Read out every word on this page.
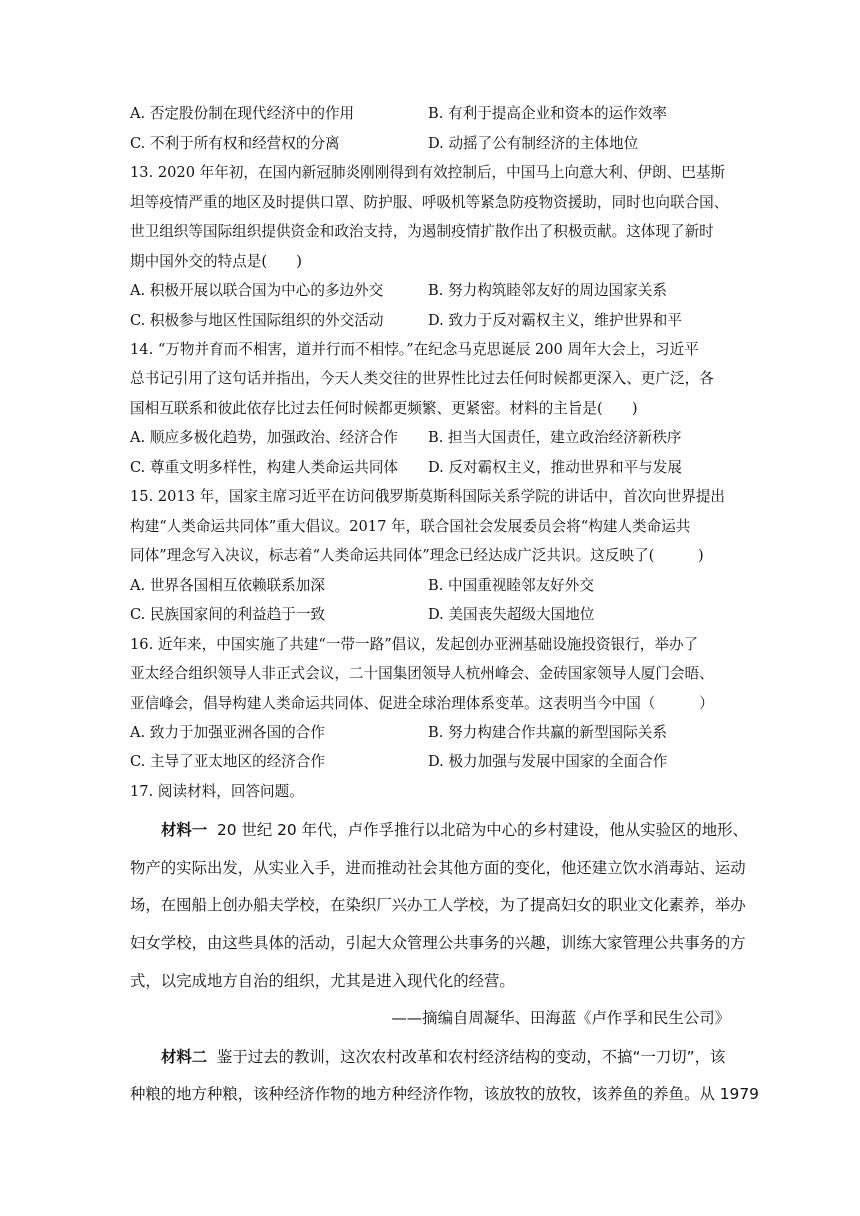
A. 否定股份制在现代经济中的作用	B. 有利于提高企业和资本的运作效率
C. 不利于所有权和经营权的分离	D. 动摇了公有制经济的主体地位
13. 2020 年年初，在国内新冠肺炎刚刚得到有效控制后，中国马上向意大利、伊朗、巴基斯
坦等疫情严重的地区及时提供口罩、防护服、呼吸机等紧急防疫物资援助，同时也向联合国、
世卫组织等国际组织提供资金和政治支持，为遏制疫情扩散作出了积极贡献。这体现了新时
期中国外交的特点是(　　)
A. 积极开展以联合国为中心的多边外交	B. 努力构筑睦邻友好的周边国家关系
C. 积极参与地区性国际组织的外交活动	D. 致力于反对霸权主义，维护世界和平
14. “万物并育而不相害，道并行而不相悖。”在纪念马克思诞辰 200 周年大会上，习近平
总书记引用了这句话并指出，今天人类交往的世界性比过去任何时候都更深入、更广泛，各
国相互联系和彼此依存比过去任何时候都更频繁、更紧密。材料的主旨是(　　)
A. 顺应多极化趋势，加强政治、经济合作 B. 担当大国责任，建立政治经济新秩序
C. 尊重文明多样性，构建人类命运共同体 D. 反对霸权主义，推动世界和平与发展
15. 2013 年，国家主席习近平在访问俄罗斯莫斯科国际关系学院的讲话中，首次向世界提出
构建“人类命运共同体”重大倡议。2017 年，联合国社会发展委员会将“构建人类命运共
同体”理念写入决议，标志着“人类命运共同体”理念已经达成广泛共识。这反映了(　　　)
A. 世界各国相互依赖联系加深	B. 中国重视睦邻友好外交
C. 民族国家间的利益趋于一致	D. 美国丧失超级大国地位
16. 近年来，中国实施了共建“一带一路”倡议，发起创办亚洲基础设施投资银行，举办了
亚太经合组织领导人非正式会议，二十国集团领导人杭州峰会、金砖国家领导人厦门会晤、
亚信峰会，倡导构建人类命运共同体、促进全球治理体系变革。这表明当今中国（　　　）
A. 致力于加强亚洲各国的合作	B. 努力构建合作共赢的新型国际关系
C. 主导了亚太地区的经济合作	D. 极力加强与发展中国家的全面合作
17. 阅读材料，回答问题。
材料一 20 世纪 20 年代，卢作孚推行以北碚为中心的乡村建设，他从实验区的地形、
物产的实际出发，从实业入手，进而推动社会其他方面的变化，他还建立饮水消毒站、运动
场，在囤船上创办船夫学校，在染织厂兴办工人学校，为了提高妇女的职业文化素养，举办
妇女学校，由这些具体的活动，引起大众管理公共事务的兴趣，训练大家管理公共事务的方
式，以完成地方自治的组织，尤其是进入现代化的经营。
——摘编自周凝华、田海蓝《卢作孚和民生公司》
材料二 鉴于过去的教训，这次农村改革和农村经济结构的变动，不搞“一刀切”，该
种粮的地方种粮，该种经济作物的地方种经济作物，该放牧的放牧，该养鱼的养鱼。从 1979
